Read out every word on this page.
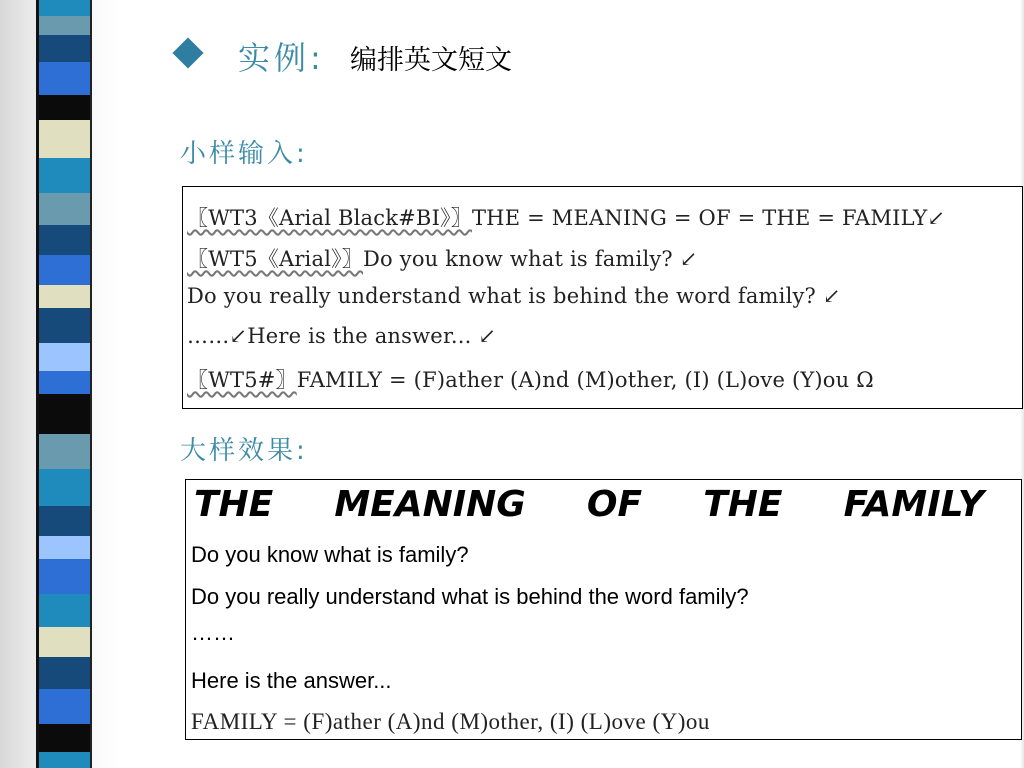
实例: 编排英文短文
小样输入:
〖WT3《Arial Black#BI》〗THE = MEANING = OF = THE = FAMILY↙
〖WT5《Arial》〗Do you know what is family? ↙
Do you really understand what is behind the word family? ↙
……↙Here is the answer... ↙
〖WT5#〗FAMILY = (F)ather (A)nd (M)other, (I) (L)ove (Y)ou Ω
大样效果:
THE MEANING OF THE FAMILY
Do you know what is family?
Do you really understand what is behind the word family?
……
Here is the answer...
FAMILY = (F)ather (A)nd (M)other, (I) (L)ove (Y)ou
